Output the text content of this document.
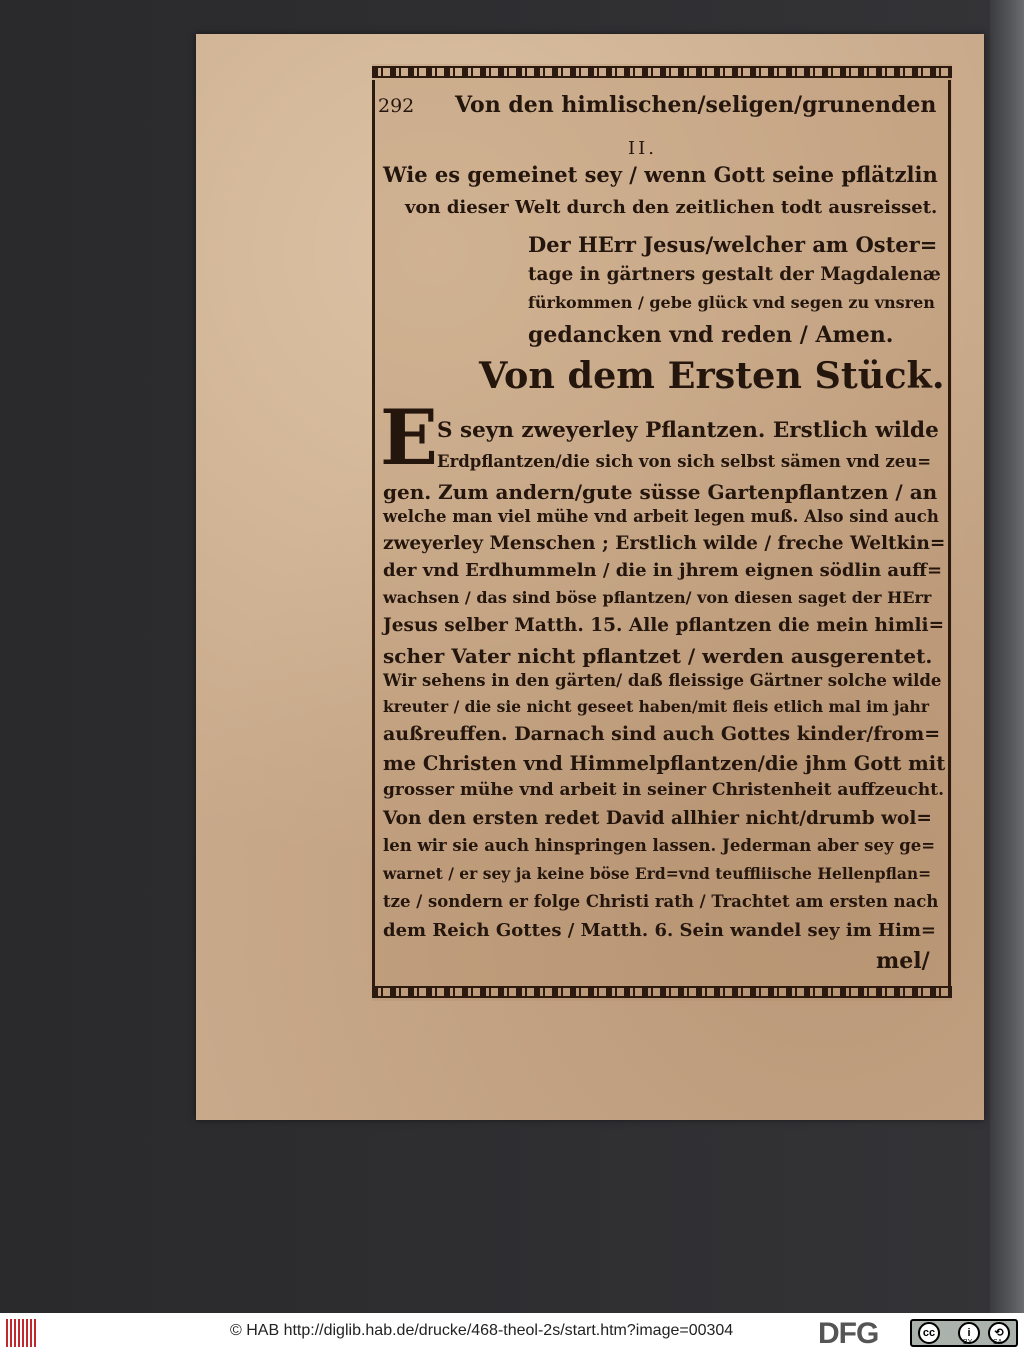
292 Von den himlischen/seligen/grunenden
II.
Wie es gemeinet sey / wenn Gott seine pflätzlin
von dieser Welt durch den zeitlichen todt ausreisset.
Der HErr Jesus/welcher am Oster=
tage in gärtners gestalt der Magdalenæ
fürkommen / gebe glück vnd segen zu vnsren
gedancken vnd reden / Amen.
Von dem Ersten Stück.
E S seyn zweyerley Pflantzen. Erstlich wilde
Erdpflantzen/die sich von sich selbst sämen vnd zeu=
gen. Zum andern/gute süsse Gartenpflantzen / an
welche man viel mühe vnd arbeit legen muß. Also sind auch
zweyerley Menschen ; Erstlich wilde / freche Weltkin=
der vnd Erdhummeln / die in jhrem eignen södlin auff=
wachsen / das sind böse pflantzen/ von diesen saget der HErr
Jesus selber Matth. 15. Alle pflantzen die mein himli=
scher Vater nicht pflantzet / werden ausgerentet.
Wir sehens in den gärten/ daß fleissige Gärtner solche wilde
kreuter / die sie nicht geseet haben/mit fleis etlich mal im jahr
außreuffen. Darnach sind auch Gottes kinder/from=
me Christen vnd Himmelpflantzen/die jhm Gott mit
grosser mühe vnd arbeit in seiner Christenheit auffzeucht.
Von den ersten redet David allhier nicht/drumb wol=
len wir sie auch hinspringen lassen. Jederman aber sey ge=
warnet / er sey ja keine böse Erd=vnd teuffliische Hellenpflan=
tze / sondern er folge Christi rath / Trachtet am ersten nach
dem Reich Gottes / Matth. 6. Sein wandel sey im Him=
mel/
© HAB http://diglib.hab.de/drucke/468-theol-2s/start.htm?image=00304	DFG	cc	i	⟲
BY	SA
